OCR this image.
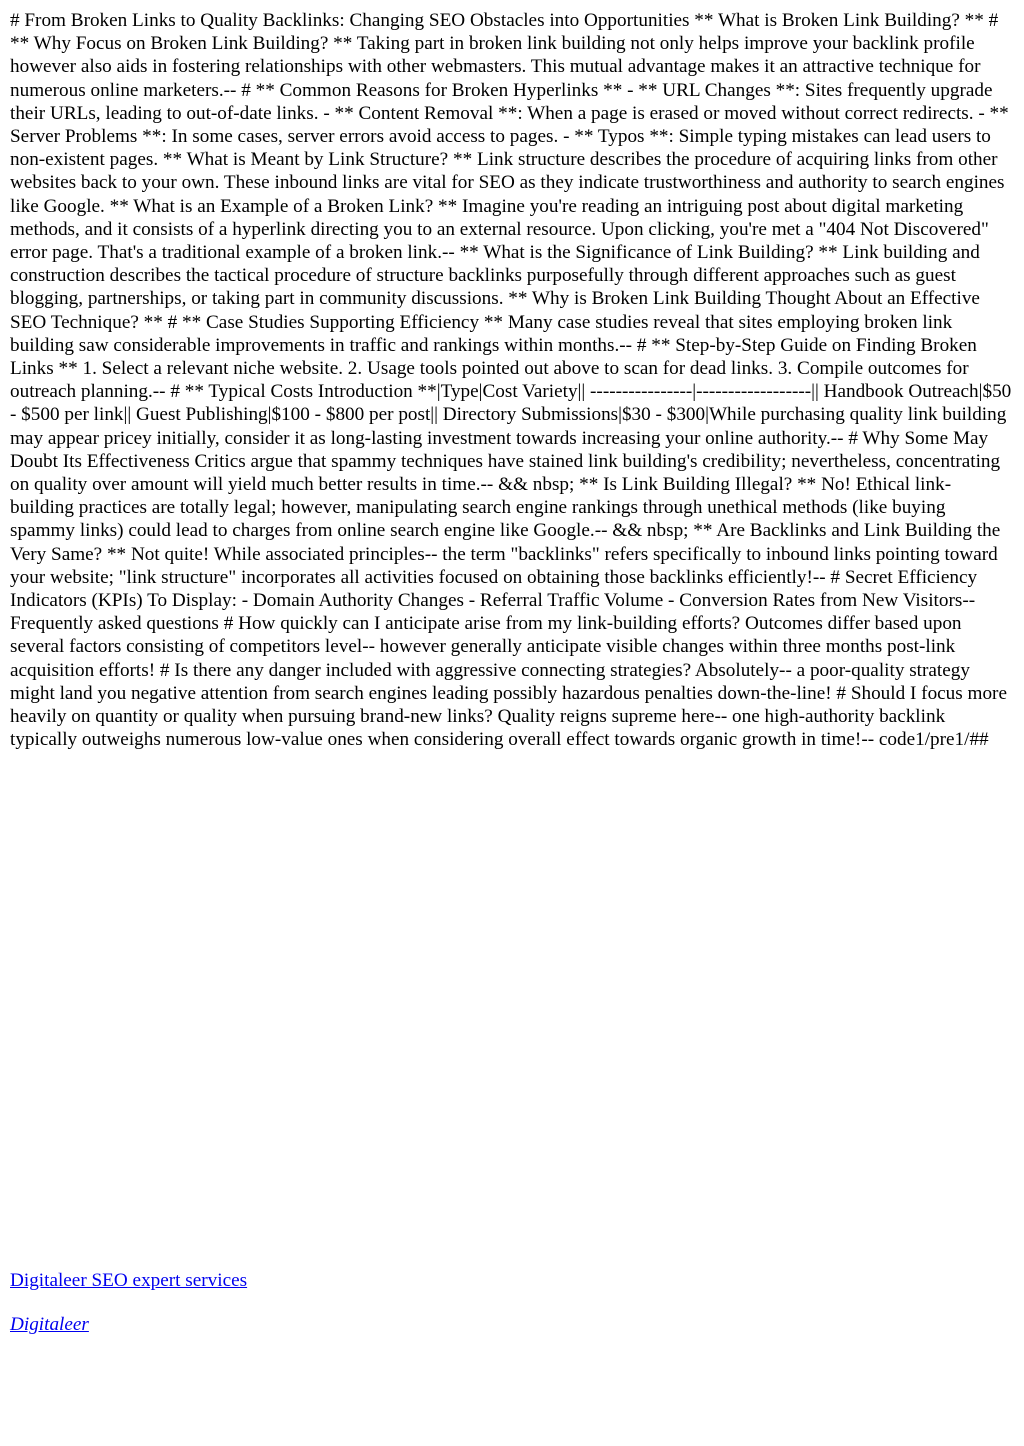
# From Broken Links to Quality Backlinks: Changing SEO Obstacles into Opportunities ** What is Broken Link Building? ** # ** Why Focus on Broken Link Building? ** Taking part in broken link building not only helps improve your backlink profile however also aids in fostering relationships with other webmasters. This mutual advantage makes it an attractive technique for numerous online marketers.-- # ** Common Reasons for Broken Hyperlinks ** - ** URL Changes **: Sites frequently upgrade their URLs, leading to out-of-date links. - ** Content Removal **: When a page is erased or moved without correct redirects. - ** Server Problems **: In some cases, server errors avoid access to pages. - ** Typos **: Simple typing mistakes can lead users to non-existent pages. ** What is Meant by Link Structure? ** Link structure describes the procedure of acquiring links from other websites back to your own. These inbound links are vital for SEO as they indicate trustworthiness and authority to search engines like Google. ** What is an Example of a Broken Link? ** Imagine you're reading an intriguing post about digital marketing methods, and it consists of a hyperlink directing you to an external resource. Upon clicking, you're met a "404 Not Discovered" error page. That's a traditional example of a broken link.-- ** What is the Significance of Link Building? ** Link building and construction describes the tactical procedure of structure backlinks purposefully through different approaches such as guest blogging, partnerships, or taking part in community discussions. ** Why is Broken Link Building Thought About an Effective SEO Technique? ** # ** Case Studies Supporting Efficiency ** Many case studies reveal that sites employing broken link building saw considerable improvements in traffic and rankings within months.-- # ** Step-by-Step Guide on Finding Broken Links ** 1. Select a relevant niche website. 2. Usage tools pointed out above to scan for dead links. 3. Compile outcomes for outreach planning.-- # ** Typical Costs Introduction **|Type|Cost Variety|| ----------------|------------------|| Handbook Outreach|$50 - $500 per link|| Guest Publishing|$100 - $800 per post|| Directory Submissions|$30 - $300|While purchasing quality link building may appear pricey initially, consider it as long-lasting investment towards increasing your online authority.-- # Why Some May Doubt Its Effectiveness Critics argue that spammy techniques have stained link building's credibility; nevertheless, concentrating on quality over amount will yield much better results in time.-- && nbsp; ** Is Link Building Illegal? ** No! Ethical link-building practices are totally legal; however, manipulating search engine rankings through unethical methods (like buying spammy links) could lead to charges from online search engine like Google.-- && nbsp; ** Are Backlinks and Link Building the Very Same? ** Not quite! While associated principles-- the term "backlinks" refers specifically to inbound links pointing toward your website; "link structure" incorporates all activities focused on obtaining those backlinks efficiently!-- # Secret Efficiency Indicators (KPIs) To Display: - Domain Authority Changes - Referral Traffic Volume - Conversion Rates from New Visitors-- Frequently asked questions # How quickly can I anticipate arise from my link-building efforts? Outcomes differ based upon several factors consisting of competitors level-- however generally anticipate visible changes within three months post-link acquisition efforts! # Is there any danger included with aggressive connecting strategies? Absolutely-- a poor-quality strategy might land you negative attention from search engines leading possibly hazardous penalties down-the-line! # Should I focus more heavily on quantity or quality when pursuing brand-new links? Quality reigns supreme here-- one high-authority backlink typically outweighs numerous low-value ones when considering overall effect towards organic growth in time!-- code1/pre1/##

Digitaleer SEO expert services

Digitaleer
